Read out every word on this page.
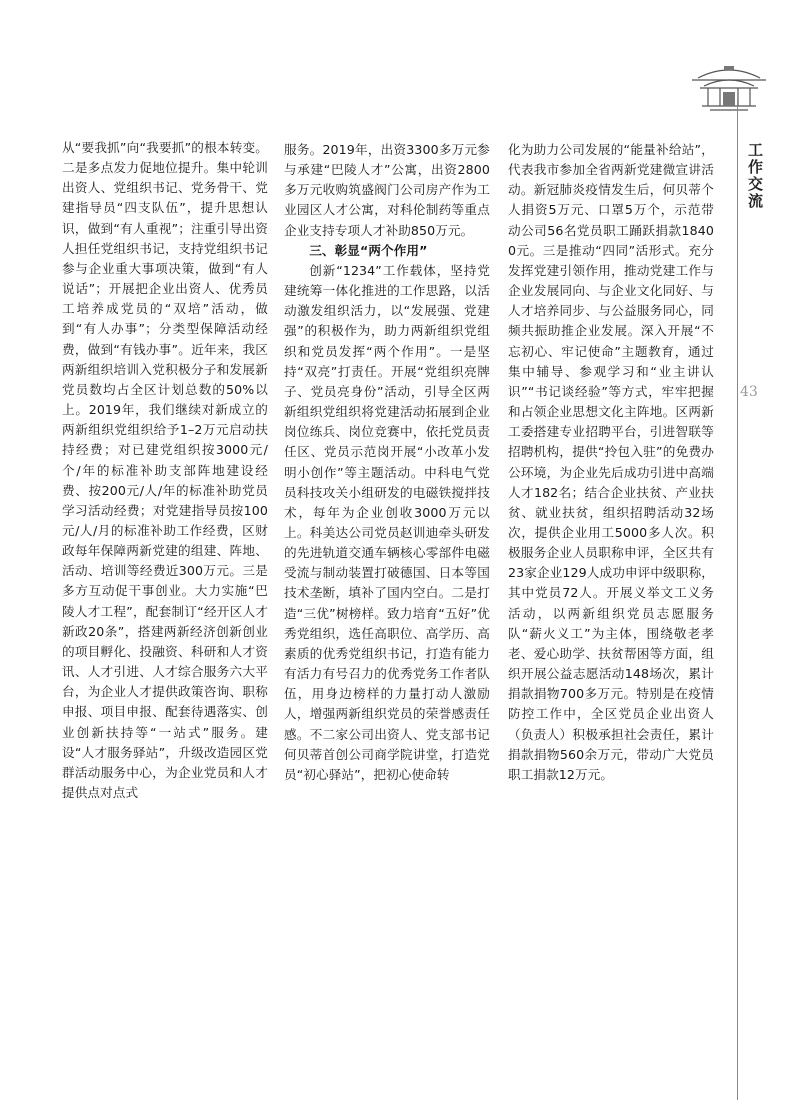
工作交流
43

从“要我抓”向“我要抓”的根本转变。二是多点发力促地位提升。集中轮训出资人、党组织书记、党务骨干、党建指导员“四支队伍”，提升思想认识，做到“有人重视”；注重引导出资人担任党组织书记，支持党组织书记参与企业重大事项决策，做到“有人说话”；开展把企业出资人、优秀员工培养成党员的“双培”活动，做到“有人办事”；分类型保障活动经费，做到“有钱办事”。近年来，我区两新组织培训入党积极分子和发展新党员数均占全区计划总数的50%以上。2019年，我们继续对新成立的两新组织党组织给予1–2万元启动扶持经费；对已建党组织按3000元/个/年的标准补助支部阵地建设经费、按200元/人/年的标准补助党员学习活动经费；对党建指导员按100元/人/月的标准补助工作经费，区财政每年保障两新党建的组建、阵地、活动、培训等经费近300万元。三是多方互动促干事创业。大力实施“巴陵人才工程”，配套制订“经开区人才新政20条”，搭建两新经济创新创业的项目孵化、投融资、科研和人才资讯、人才引进、人才综合服务六大平台，为企业人才提供政策咨询、职称申报、项目申报、配套待遇落实、创业创新扶持等“一站式”服务。建设“人才服务驿站”，升级改造园区党群活动服务中心，为企业党员和人才提供点对点式

服务。2019年，出资3300多万元参与承建“巴陵人才”公寓，出资2800多万元收购筑盛阀门公司房产作为工业园区人才公寓，对科伦制药等重点企业支持专项人才补助850万元。

三、彰显“两个作用”

创新“1234”工作载体，坚持党建统筹一体化推进的工作思路，以活动激发组织活力，以“发展强、党建强”的积极作为，助力两新组织党组织和党员发挥“两个作用”。一是坚持“双亮”打责任。开展“党组织亮牌子、党员亮身份”活动，引导全区两新组织党组织将党建活动拓展到企业岗位练兵、岗位竞赛中，依托党员责任区、党员示范岗开展“小改革小发明小创作”等主题活动。中科电气党员科技攻关小组研发的电磁铁搅拌技术，每年为企业创收3000万元以上。科美达公司党员赵训迪牵头研发的先进轨道交通车辆核心零部件电磁受流与制动装置打破德国、日本等国技术垄断，填补了国内空白。二是打造“三优”树榜样。致力培育“五好”优秀党组织，选任高职位、高学历、高素质的优秀党组织书记，打造有能力有活力有号召力的优秀党务工作者队伍，用身边榜样的力量打动人激励人，增强两新组织党员的荣誉感责任感。不二家公司出资人、党支部书记何贝蒂首创公司商学院讲堂，打造党员“初心驿站”，把初心使命转

化为助力公司发展的“能量补给站”，代表我市参加全省两新党建微宣讲活动。新冠肺炎疫情发生后，何贝蒂个人捐资5万元、口罩5万个，示范带动公司56名党员职工踊跃捐款18400元。三是推动“四同”活形式。充分发挥党建引领作用，推动党建工作与企业发展同向、与企业文化同好、与人才培养同步、与公益服务同心，同频共振助推企业发展。深入开展“不忘初心、牢记使命”主题教育，通过集中辅导、参观学习和“业主讲认识”“书记谈经验”等方式，牢牢把握和占领企业思想文化主阵地。区两新工委搭建专业招聘平台，引进智联等招聘机构，提供“拎包入驻”的免费办公环境，为企业先后成功引进中高端人才182名；结合企业扶贫、产业扶贫、就业扶贫，组织招聘活动32场次，提供企业用工5000多人次。积极服务企业人员职称申评，全区共有23家企业129人成功申评中级职称，其中党员72人。开展义举文工义务活动，以两新组织党员志愿服务队“薪火义工”为主体，围绕敬老孝老、爱心助学、扶贫帮困等方面，组织开展公益志愿活动148场次，累计捐款捐物700多万元。特别是在疫情防控工作中，全区党员企业出资人（负责人）积极承担社会责任，累计捐款捐物560余万元，带动广大党员职工捐款12万元。
